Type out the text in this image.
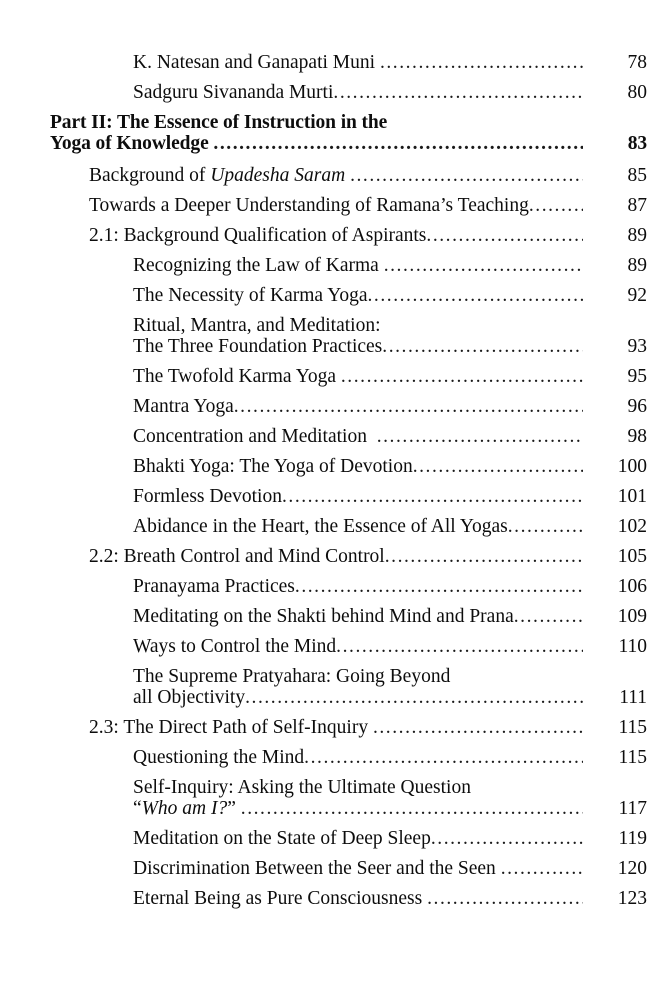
K. Natesan and Ganapati Muni .....	78
Sadguru Sivananda Murti .....	80
Part II: The Essence of Instruction in the
Yoga of Knowledge .....	83
Background of Upadesha Saram .....	85
Towards a Deeper Understanding of Ramana’s Teaching .....	87
2.1: Background Qualification of Aspirants .....	89
Recognizing the Law of Karma .....	89
The Necessity of Karma Yoga .....	92
Ritual, Mantra, and Meditation:
The Three Foundation Practices .....	93
The Twofold Karma Yoga .....	95
Mantra Yoga .....	96
Concentration and Meditation .....	98
Bhakti Yoga: The Yoga of Devotion .....	100
Formless Devotion .....	101
Abidance in the Heart, the Essence of All Yogas .....	102
2.2: Breath Control and Mind Control .....	105
Pranayama Practices .....	106
Meditating on the Shakti behind Mind and Prana .....	109
Ways to Control the Mind .....	110
The Supreme Pratyahara: Going Beyond
all Objectivity .....	111
2.3: The Direct Path of Self-Inquiry .....	115
Questioning the Mind .....	115
Self-Inquiry: Asking the Ultimate Question
“Who am I?” .....	117
Meditation on the State of Deep Sleep .....	119
Discrimination Between the Seer and the Seen .....	120
Eternal Being as Pure Consciousness .....	123
